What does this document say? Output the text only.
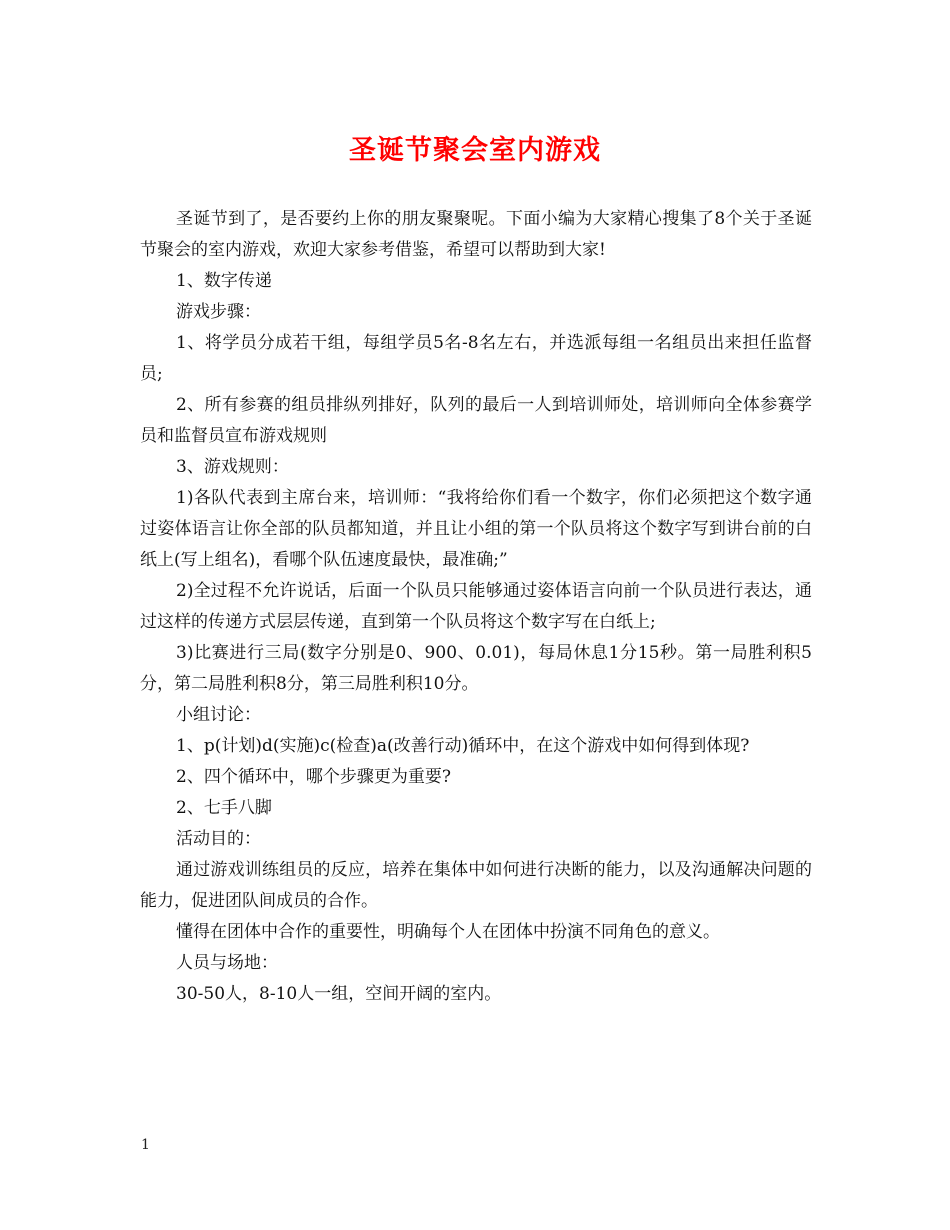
圣诞节聚会室内游戏

圣诞节到了，是否要约上你的朋友聚聚呢。下面小编为大家精心搜集了8个关于圣诞节聚会的室内游戏，欢迎大家参考借鉴，希望可以帮助到大家!

1、数字传递

游戏步骤：

1、将学员分成若干组，每组学员5名-8名左右，并选派每组一名组员出来担任监督员;

2、所有参赛的组员排纵列排好，队列的最后一人到培训师处，培训师向全体参赛学员和监督员宣布游戏规则

3、游戏规则：

1)各队代表到主席台来，培训师：“我将给你们看一个数字，你们必须把这个数字通过姿体语言让你全部的队员都知道，并且让小组的第一个队员将这个数字写到讲台前的白纸上(写上组名)，看哪个队伍速度最快，最准确;”

2)全过程不允许说话，后面一个队员只能够通过姿体语言向前一个队员进行表达，通过这样的传递方式层层传递，直到第一个队员将这个数字写在白纸上;

3)比赛进行三局(数字分别是0、900、0.01)，每局休息1分15秒。第一局胜利积5分，第二局胜利积8分，第三局胜利积10分。

小组讨论：

1、p(计划)d(实施)c(检查)a(改善行动)循环中，在这个游戏中如何得到体现?

2、四个循环中，哪个步骤更为重要?

2、七手八脚

活动目的：

通过游戏训练组员的反应，培养在集体中如何进行决断的能力，以及沟通解决问题的能力，促进团队间成员的合作。

懂得在团体中合作的重要性，明确每个人在团体中扮演不同角色的意义。

人员与场地：

30-50人，8-10人一组，空间开阔的室内。

1
